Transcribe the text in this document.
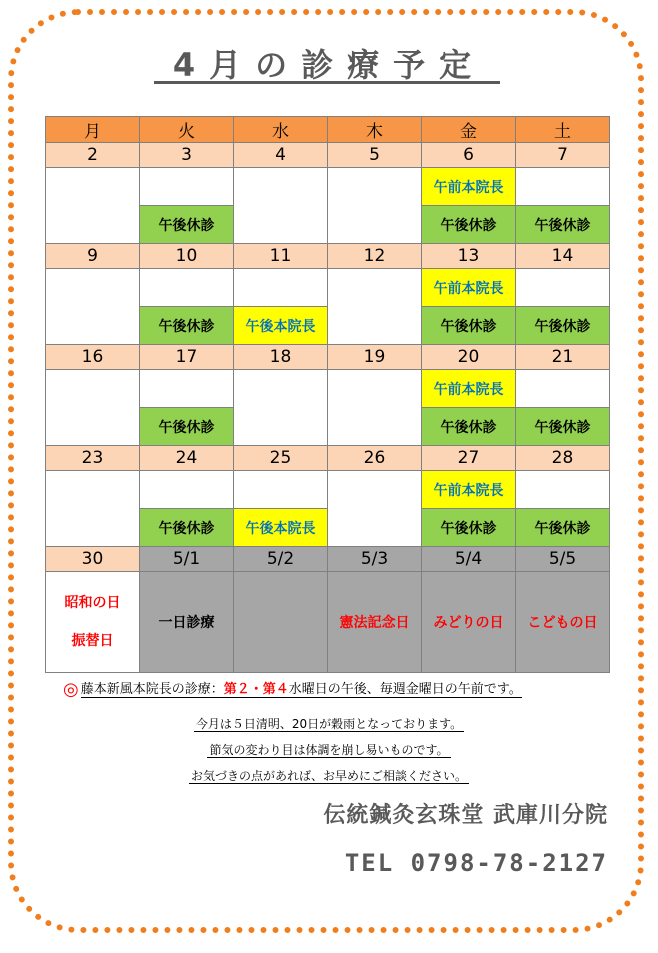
4月の診療予定
月	火	水	木	金	土
2	3	4	5	6	7
				午前本院長	
	午後休診			午後休診	午後休診
9	10	11	12	13	14
				午前本院長	
	午後休診	午後本院長		午後休診	午後休診
16	17	18	19	20	21
				午前本院長	
	午後休診			午後休診	午後休診
23	24	25	26	27	28
				午前本院長	
	午後休診	午後本院長		午後休診	午後休診
30	5/1	5/2	5/3	5/4	5/5

昭和の日
振替日	一日診療		憲法記念日	みどりの日	こどもの日
◎ 藤本新風本院長の診療：第２・第４水曜日の午後、毎週金曜日の午前です。
今月は５日清明、20日が穀雨となっております。
節気の変わり目は体調を崩し易いものです。
お気づきの点があれば、お早めにご相談ください。
伝統鍼灸玄珠堂 武庫川分院
TEL 0798-78-2127
